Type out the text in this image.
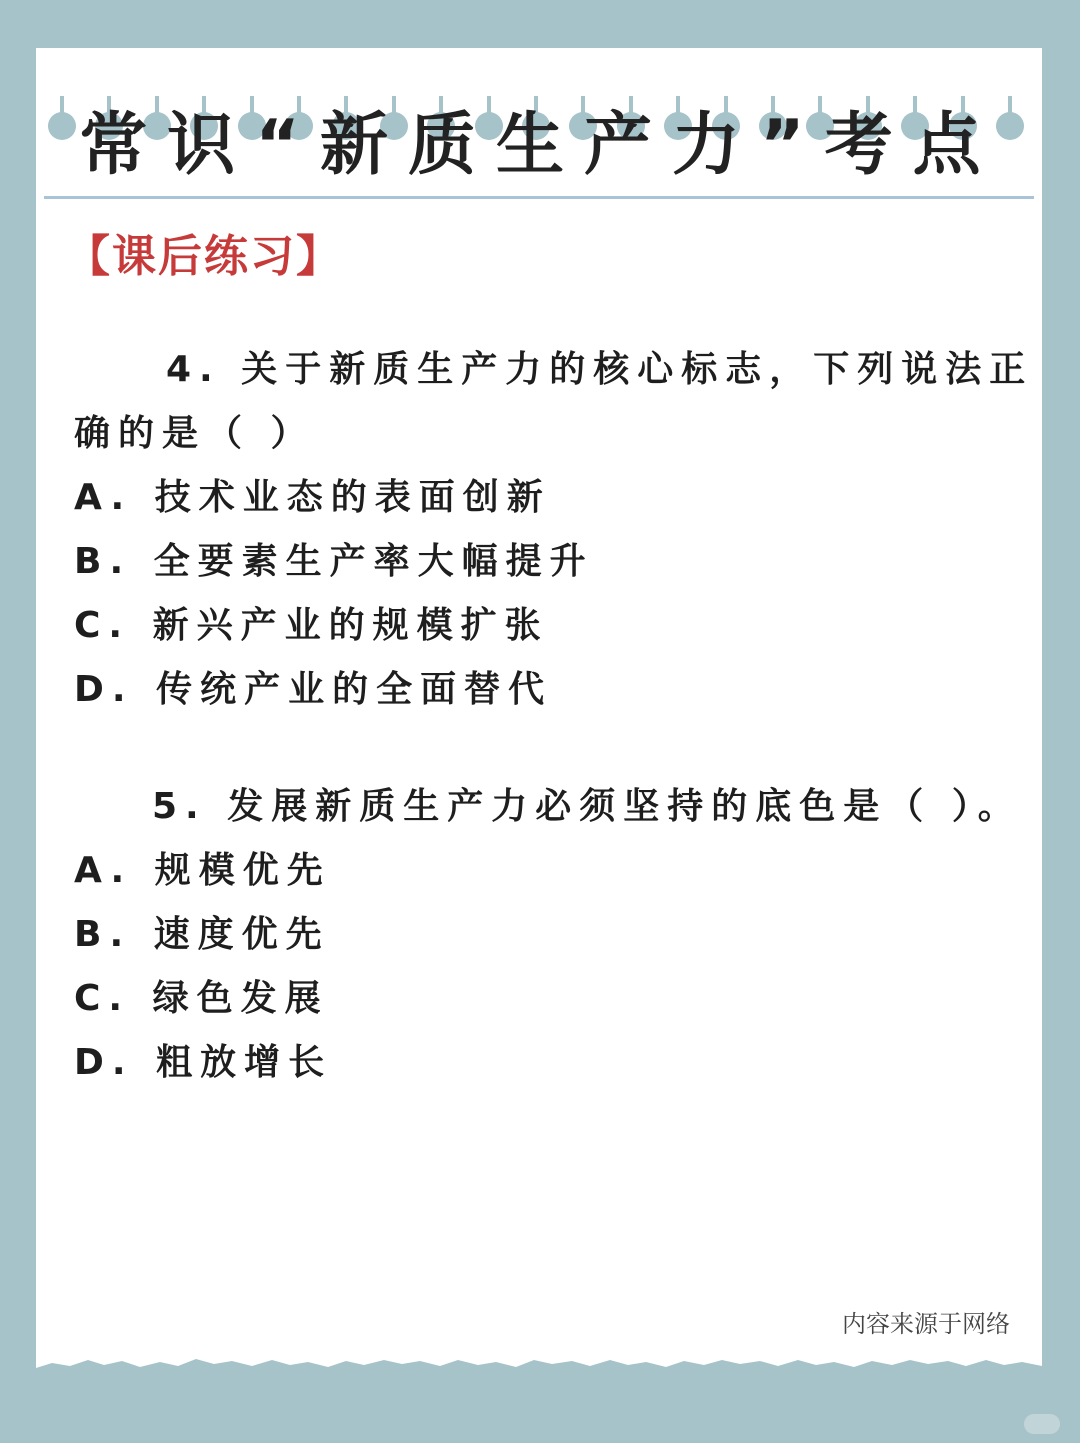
常识“新质生产力”考点
【课后练习】
4. 关于新质生产力的核心标志，下列说法正
确的是（ ）
A. 技术业态的表面创新
B. 全要素生产率大幅提升
C. 新兴产业的规模扩张
D. 传统产业的全面替代
5. 发展新质生产力必须坚持的底色是（ ）。
A. 规模优先
B. 速度优先
C. 绿色发展
D. 粗放增长
内容来源于网络
